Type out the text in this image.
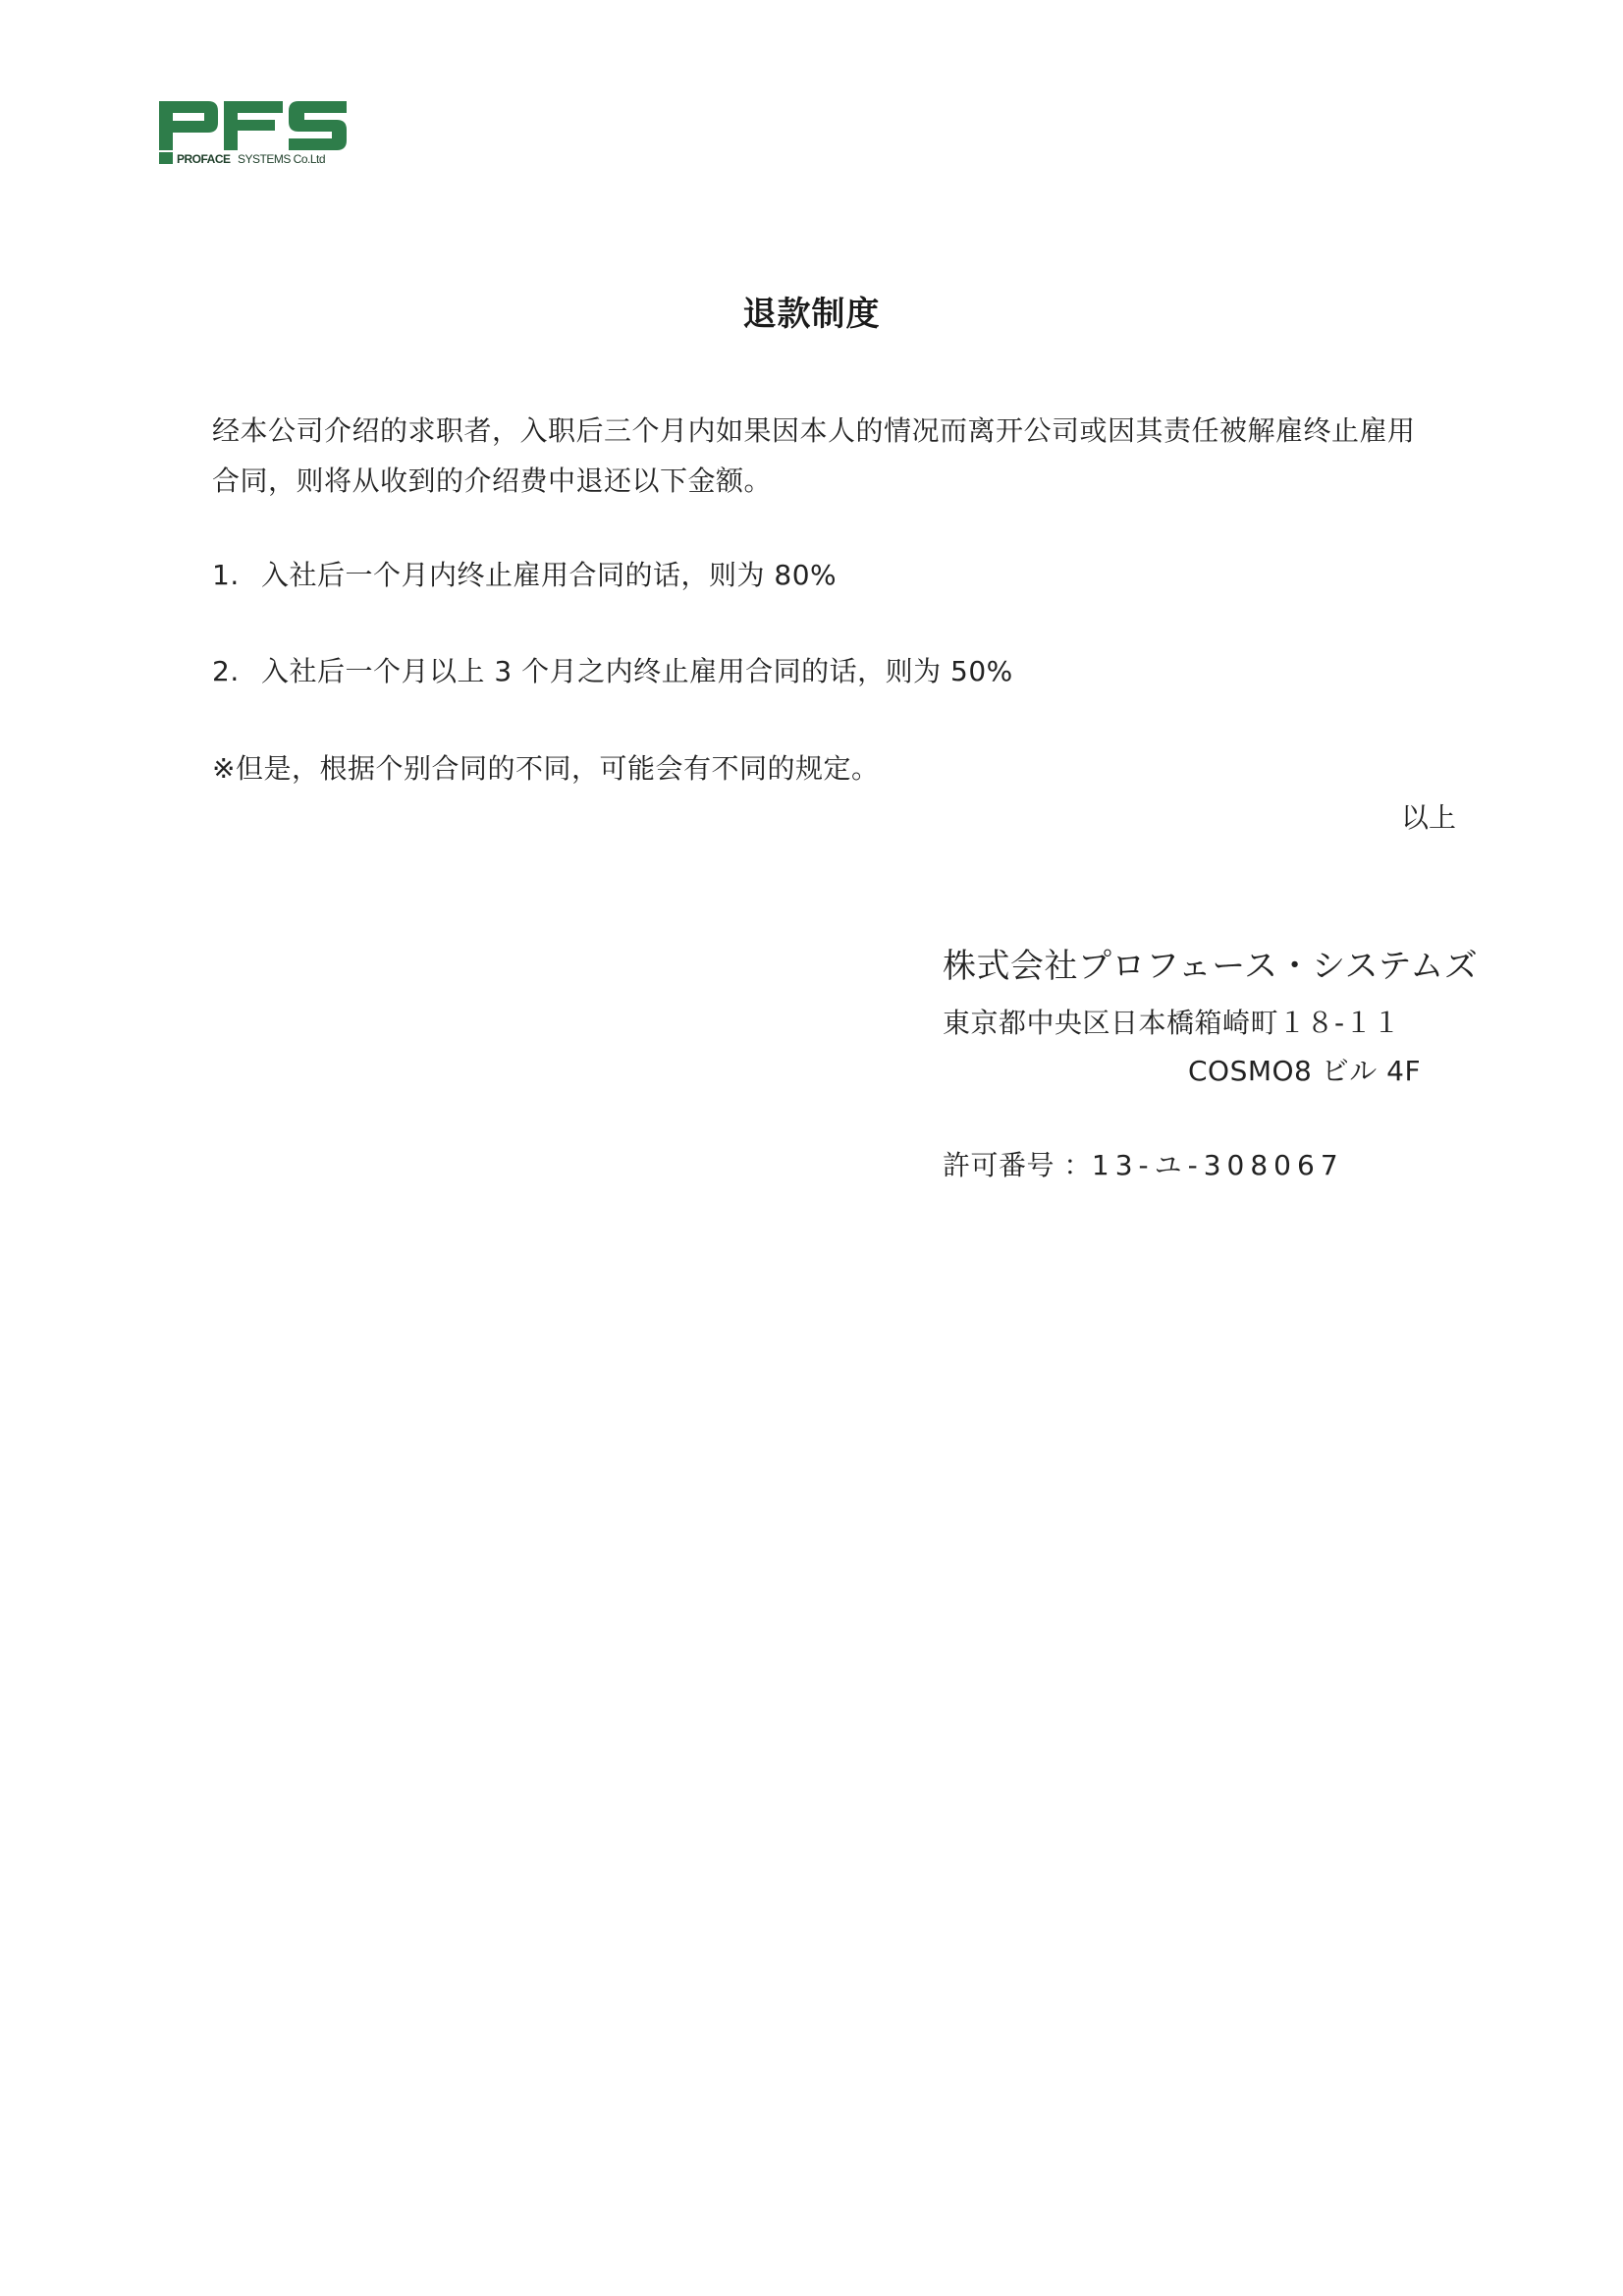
PROFACE SYSTEMS Co.Ltd
退款制度

经本公司介绍的求职者，入职后三个月内如果因本人的情况而离开公司或因其责任被解雇终止雇用

合同，则将从收到的介绍费中退还以下金额。

1. 入社后一个月内终止雇用合同的话，则为 80%
2. 入社后一个月以上 3 个月之内终止雇用合同的话，则为 50%
※但是，根据个别合同的不同，可能会有不同的规定。
以上
株式会社プロフェース・システムズ
東京都中央区日本橋箱崎町１８-１１
COSMO8 ビル 4F
許可番号 ：13-ユ-308067
